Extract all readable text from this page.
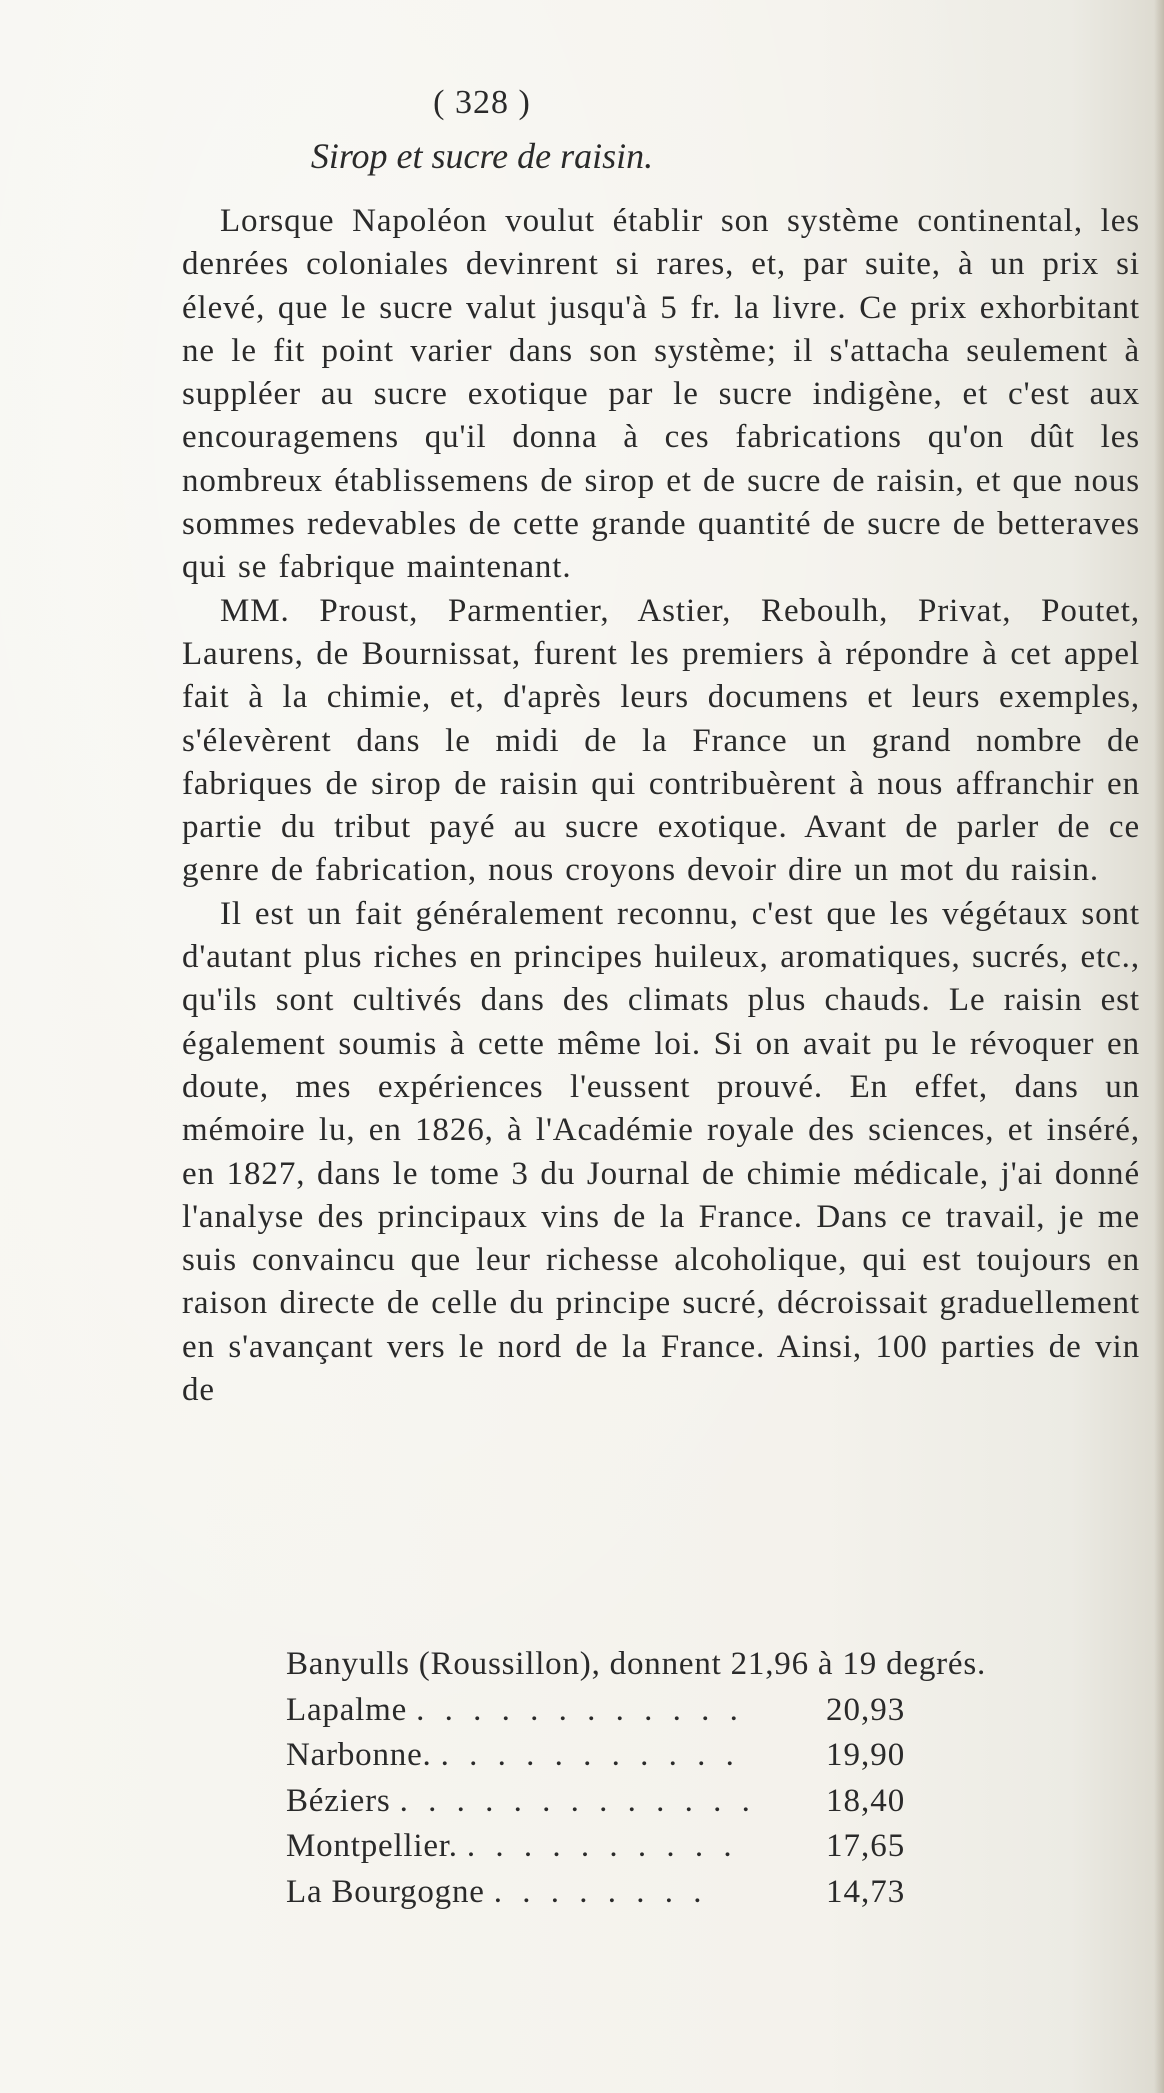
( 328 )
Sirop et sucre de raisin.

Lorsque Napoléon voulut établir son système continental, les denrées coloniales devinrent si rares, et, par suite, à un prix si élevé, que le sucre valut jusqu'à 5 fr. la livre. Ce prix exhorbitant ne le fit point varier dans son système; il s'attacha seulement à suppléer au sucre exotique par le sucre indigène, et c'est aux encouragemens qu'il donna à ces fabrications qu'on dût les nombreux établissemens de sirop et de sucre de raisin, et que nous sommes redevables de cette grande quantité de sucre de betteraves qui se fabrique maintenant.

MM. Proust, Parmentier, Astier, Reboulh, Privat, Poutet, Laurens, de Bournissat, furent les premiers à répondre à cet appel fait à la chimie, et, d'après leurs documens et leurs exemples, s'élevèrent dans le midi de la France un grand nombre de fabriques de sirop de raisin qui contribuèrent à nous affranchir en partie du tribut payé au sucre exotique. Avant de parler de ce genre de fabrication, nous croyons devoir dire un mot du raisin.

Il est un fait généralement reconnu, c'est que les végétaux sont d'autant plus riches en principes huileux, aromatiques, sucrés, etc., qu'ils sont cultivés dans des climats plus chauds. Le raisin est également soumis à cette même loi. Si on avait pu le révoquer en doute, mes expériences l'eussent prouvé. En effet, dans un mémoire lu, en 1826, à l'Académie royale des sciences, et inséré, en 1827, dans le tome 3 du Journal de chimie médicale, j'ai donné l'analyse des principaux vins de la France. Dans ce travail, je me suis convaincu que leur richesse alcoholique, qui est toujours en raison directe de celle du principe sucré, décroissait graduellement en s'avançant vers le nord de la France. Ainsi, 100 parties de vin de

Banyulls (Roussillon), donnent 21,96 à 19 degrés.
Lapalme . . . . . . . . . . . .	20,93
Narbonne. . . . . . . . . . . .	19,90
Béziers . . . . . . . . . . . . .	18,40
Montpellier. . . . . . . . . . .	17,65
La Bourgogne . . . . . . . .	14,73
